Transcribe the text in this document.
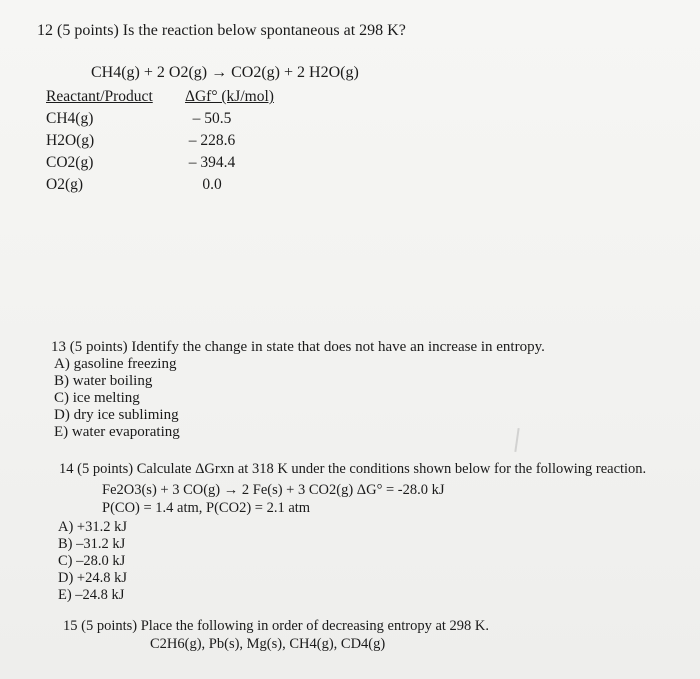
12 (5 points) Is the reaction below spontaneous at 298 K?
CH4(g) + 2 O2(g) → CO2(g) + 2 H2O(g)
Reactant/Product ΔGf° (kJ/mol)
CH4(g)	– 50.5
H2O(g)	– 228.6
CO2(g)	– 394.4
O2(g)	0.0
13 (5 points) Identify the change in state that does not have an increase in entropy.
A) gasoline freezing
B) water boiling
C) ice melting
D) dry ice subliming
E) water evaporating
14 (5 points) Calculate ΔGrxn at 318 K under the conditions shown below for the following reaction.
Fe2O3(s) + 3 CO(g) → 2 Fe(s) + 3 CO2(g) ΔG° = -28.0 kJ
P(CO) = 1.4 atm, P(CO2) = 2.1 atm
A) +31.2 kJ
B) –31.2 kJ
C) –28.0 kJ
D) +24.8 kJ
E) –24.8 kJ
15 (5 points) Place the following in order of decreasing entropy at 298 K.
C2H6(g), Pb(s), Mg(s), CH4(g), CD4(g)
